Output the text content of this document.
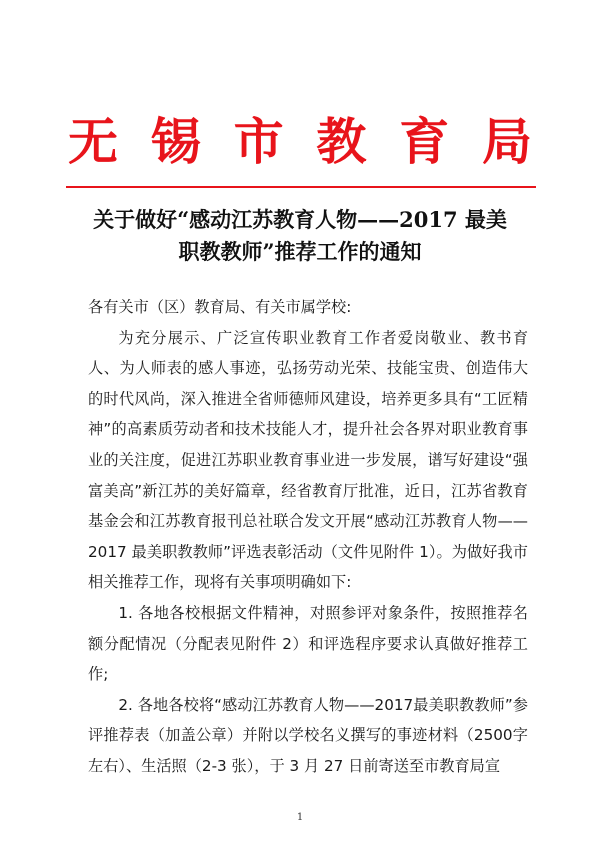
无 锡 市 教 育 局
关于做好“感动江苏教育人物——2017 最美
职教教师”推荐工作的通知

各有关市（区）教育局、有关市属学校:

为充分展示、广泛宣传职业教育工作者爱岗敬业、教书育人、为人师表的感人事迹，弘扬劳动光荣、技能宝贵、创造伟大的时代风尚，深入推进全省师德师风建设，培养更多具有“工匠精神”的高素质劳动者和技术技能人才，提升社会各界对职业教育事业的关注度，促进江苏职业教育事业进一步发展，谱写好建设“强富美高”新江苏的美好篇章，经省教育厅批准，近日，江苏省教育基金会和江苏教育报刊总社联合发文开展“感动江苏教育人物——2017 最美职教教师”评选表彰活动（文件见附件 1）。为做好我市相关推荐工作，现将有关事项明确如下:

1. 各地各校根据文件精神，对照参评对象条件，按照推荐名额分配情况（分配表见附件 2）和评选程序要求认真做好推荐工作;

2. 各地各校将“感动江苏教育人物——2017最美职教教师”参评推荐表（加盖公章）并附以学校名义撰写的事迹材料（2500字左右）、生活照（2-3 张），于 3 月 27 日前寄送至市教育局宣

1
